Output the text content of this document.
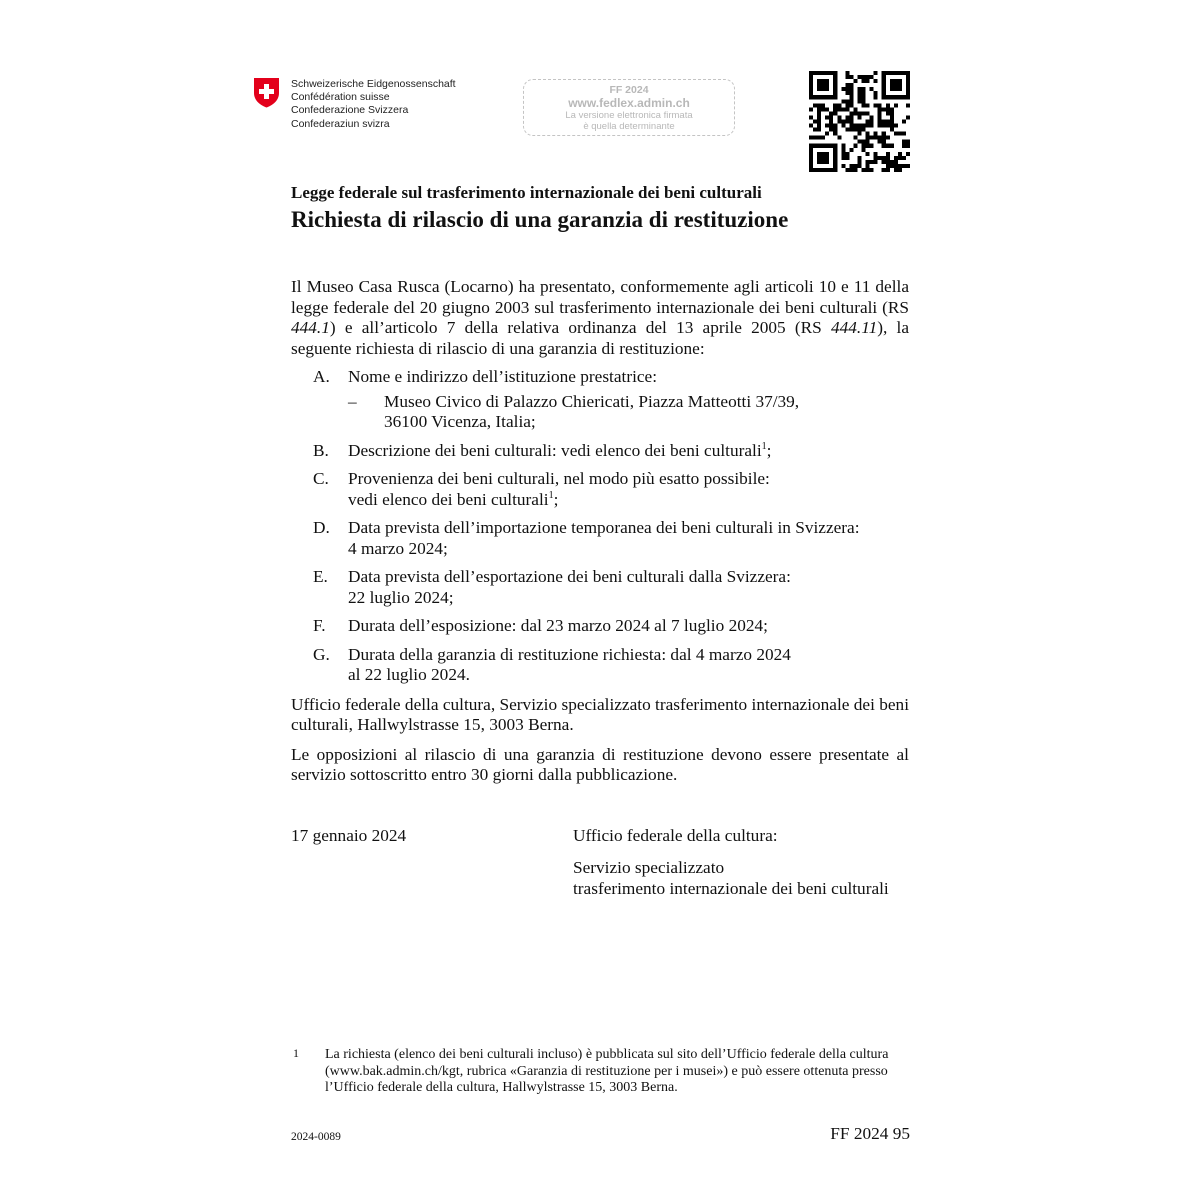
Schweizerische Eidgenossenschaft
Confédération suisse
Confederazione Svizzera
Confederaziun svizra
FF 2024
www.fedlex.admin.ch
La versione elettronica firmata
è quella determinante
Legge federale sul trasferimento internazionale dei beni culturali
Richiesta di rilascio di una garanzia di restituzione
Il Museo Casa Rusca (Locarno) ha presentato, conformemente agli articoli 10 e 11 della legge federale del 20 giugno 2003 sul trasferimento internazionale dei beni culturali (RS 444.1) e all’articolo 7 della relativa ordinanza del 13 aprile 2005 (RS 444.11), la seguente richiesta di rilascio di una garanzia di restituzione:
A.	Nome e indirizzo dell’istituzione prestatrice:
–	Museo Civico di Palazzo Chiericati, Piazza Matteotti 37/39,
36100 Vicenza, Italia;
B.	Descrizione dei beni culturali: vedi elenco dei beni culturali$^1$;
C.	Provenienza dei beni culturali, nel modo più esatto possibile:
vedi elenco dei beni culturali$^1$;
D.	Data prevista dell’importazione temporanea dei beni culturali in Svizzera:
4 marzo 2024;
E.	Data prevista dell’esportazione dei beni culturali dalla Svizzera:
22 luglio 2024;
F.	Durata dell’esposizione: dal 23 marzo 2024 al 7 luglio 2024;
G.	Durata della garanzia di restituzione richiesta: dal 4 marzo 2024
al 22 luglio 2024.
Ufficio federale della cultura, Servizio specializzato trasferimento internazionale dei beni culturali, Hallwylstrasse 15, 3003 Berna.
Le opposizioni al rilascio di una garanzia di restituzione devono essere presentate al servizio sottoscritto entro 30 giorni dalla pubblicazione.
17 gennaio 2024	Ufficio federale della cultura:
Servizio specializzato
trasferimento internazionale dei beni culturali
1 La richiesta (elenco dei beni culturali incluso) è pubblicata sul sito dell’Ufficio federale della cultura (www.bak.admin.ch/kgt, rubrica «Garanzia di restituzione per i musei») e può essere ottenuta presso l’Ufficio federale della cultura, Hallwylstrasse 15, 3003 Berna.
2024-0089	FF 2024 95
